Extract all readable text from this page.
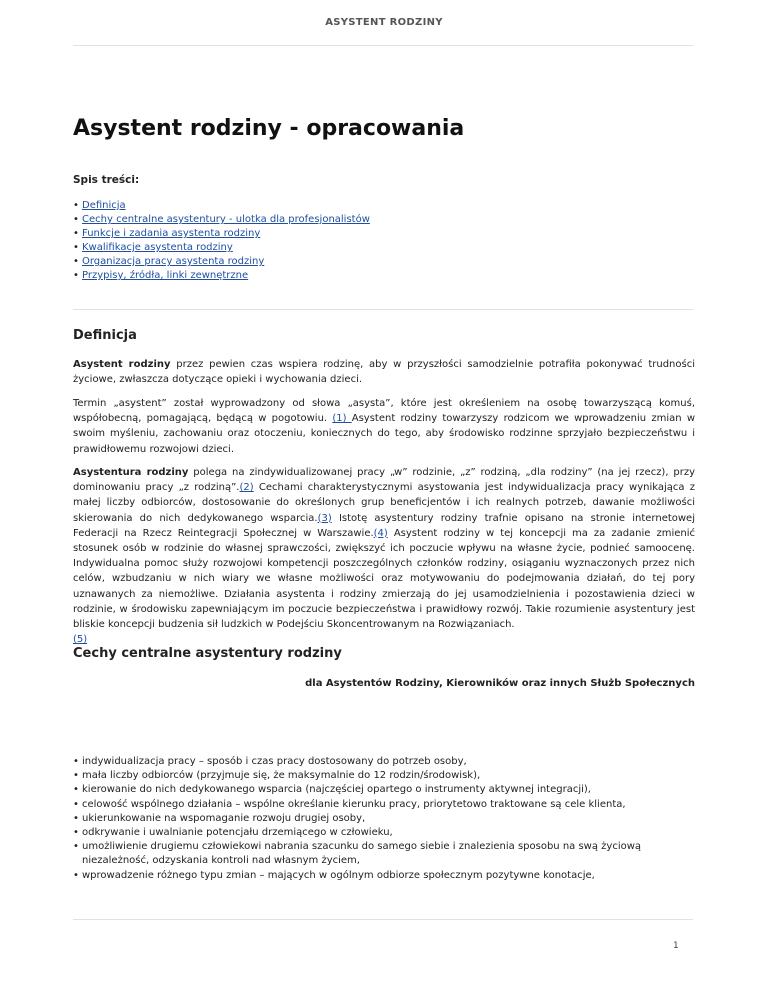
ASYSTENT RODZINY
Asystent rodziny - opracowania
Spis treści:
• Definicja
• Cechy centralne asystentury - ulotka dla profesjonalistów
• Funkcje i zadania asystenta rodziny
• Kwalifikacje asystenta rodziny
• Organizacja pracy asystenta rodziny
• Przypisy, źródła, linki zewnętrzne
Definicja

Asystent rodziny przez pewien czas wspiera rodzinę, aby w przyszłości samodzielnie potrafiła pokonywać trudności życiowe, zwłaszcza dotyczące opieki i wychowania dzieci.

Termin „asystent” został wyprowadzony od słowa „asysta”, które jest określeniem na osobę towarzyszącą komuś, współobecną, pomagającą, będącą w pogotowiu. (1) Asystent rodziny towarzyszy rodzicom we wprowadzeniu zmian w swoim myśleniu, zachowaniu oraz otoczeniu, koniecznych do tego, aby środowisko rodzinne sprzyjało bezpieczeństwu i prawidłowemu rozwojowi dzieci.

Asystentura rodziny polega na zindywidualizowanej pracy „w” rodzinie, „z” rodziną, „dla rodziny” (na jej rzecz), przy dominowaniu pracy „z rodziną”.(2) Cechami charakterystycznymi asystowania jest indywidualizacja pracy wynikająca z małej liczby odbiorców, dostosowanie do określonych grup beneficjentów i ich realnych potrzeb, dawanie możliwości skierowania do nich dedykowanego wsparcia.(3) Istotę asystentury rodziny trafnie opisano na stronie internetowej Federacji na Rzecz Reintegracji Społecznej w Warszawie.(4) Asystent rodziny w tej koncepcji ma za zadanie zmienić stosunek osób w rodzinie do własnej sprawczości, zwiększyć ich poczucie wpływu na własne życie, podnieć samoocenę. Indywidualna pomoc służy rozwojowi kompetencji poszczególnych członków rodziny, osiąganiu wyznaczonych przez nich celów, wzbudzaniu w nich wiary we własne możliwości oraz motywowaniu do podejmowania działań, do tej pory uznawanych za niemożliwe. Działania asystenta i rodziny zmierzają do jej usamodzielnienia i pozostawienia dzieci w rodzinie, w środowisku zapewniającym im poczucie bezpieczeństwa i prawidłowy rozwój. Takie rozumienie asystentury jest bliskie koncepcji budzenia sił ludzkich w Podejściu Skoncentrowanym na Rozwiązaniach.
(5)

Cechy centralne asystentury rodziny
dla Asystentów Rodziny, Kierowników oraz innych Służb Społecznych
• indywidualizacja pracy – sposób i czas pracy dostosowany do potrzeb osoby,
• mała liczby odbiorców (przyjmuje się, że maksymalnie do 12 rodzin/środowisk),
• kierowanie do nich dedykowanego wsparcia (najczęściej opartego o instrumenty aktywnej integracji),
• celowość wspólnego działania – wspólne określanie kierunku pracy, priorytetowo traktowane są cele klienta,
• ukierunkowanie na wspomaganie rozwoju drugiej osoby,
• odkrywanie i uwalnianie potencjału drzemiącego w człowieku,
• umożliwienie drugiemu człowiekowi nabrania szacunku do samego siebie i znalezienia sposobu na swą życiową niezależność, odzyskania kontroli nad własnym życiem,
• wprowadzenie różnego typu zmian – mających w ogólnym odbiorze społecznym pozytywne konotacje,
1
